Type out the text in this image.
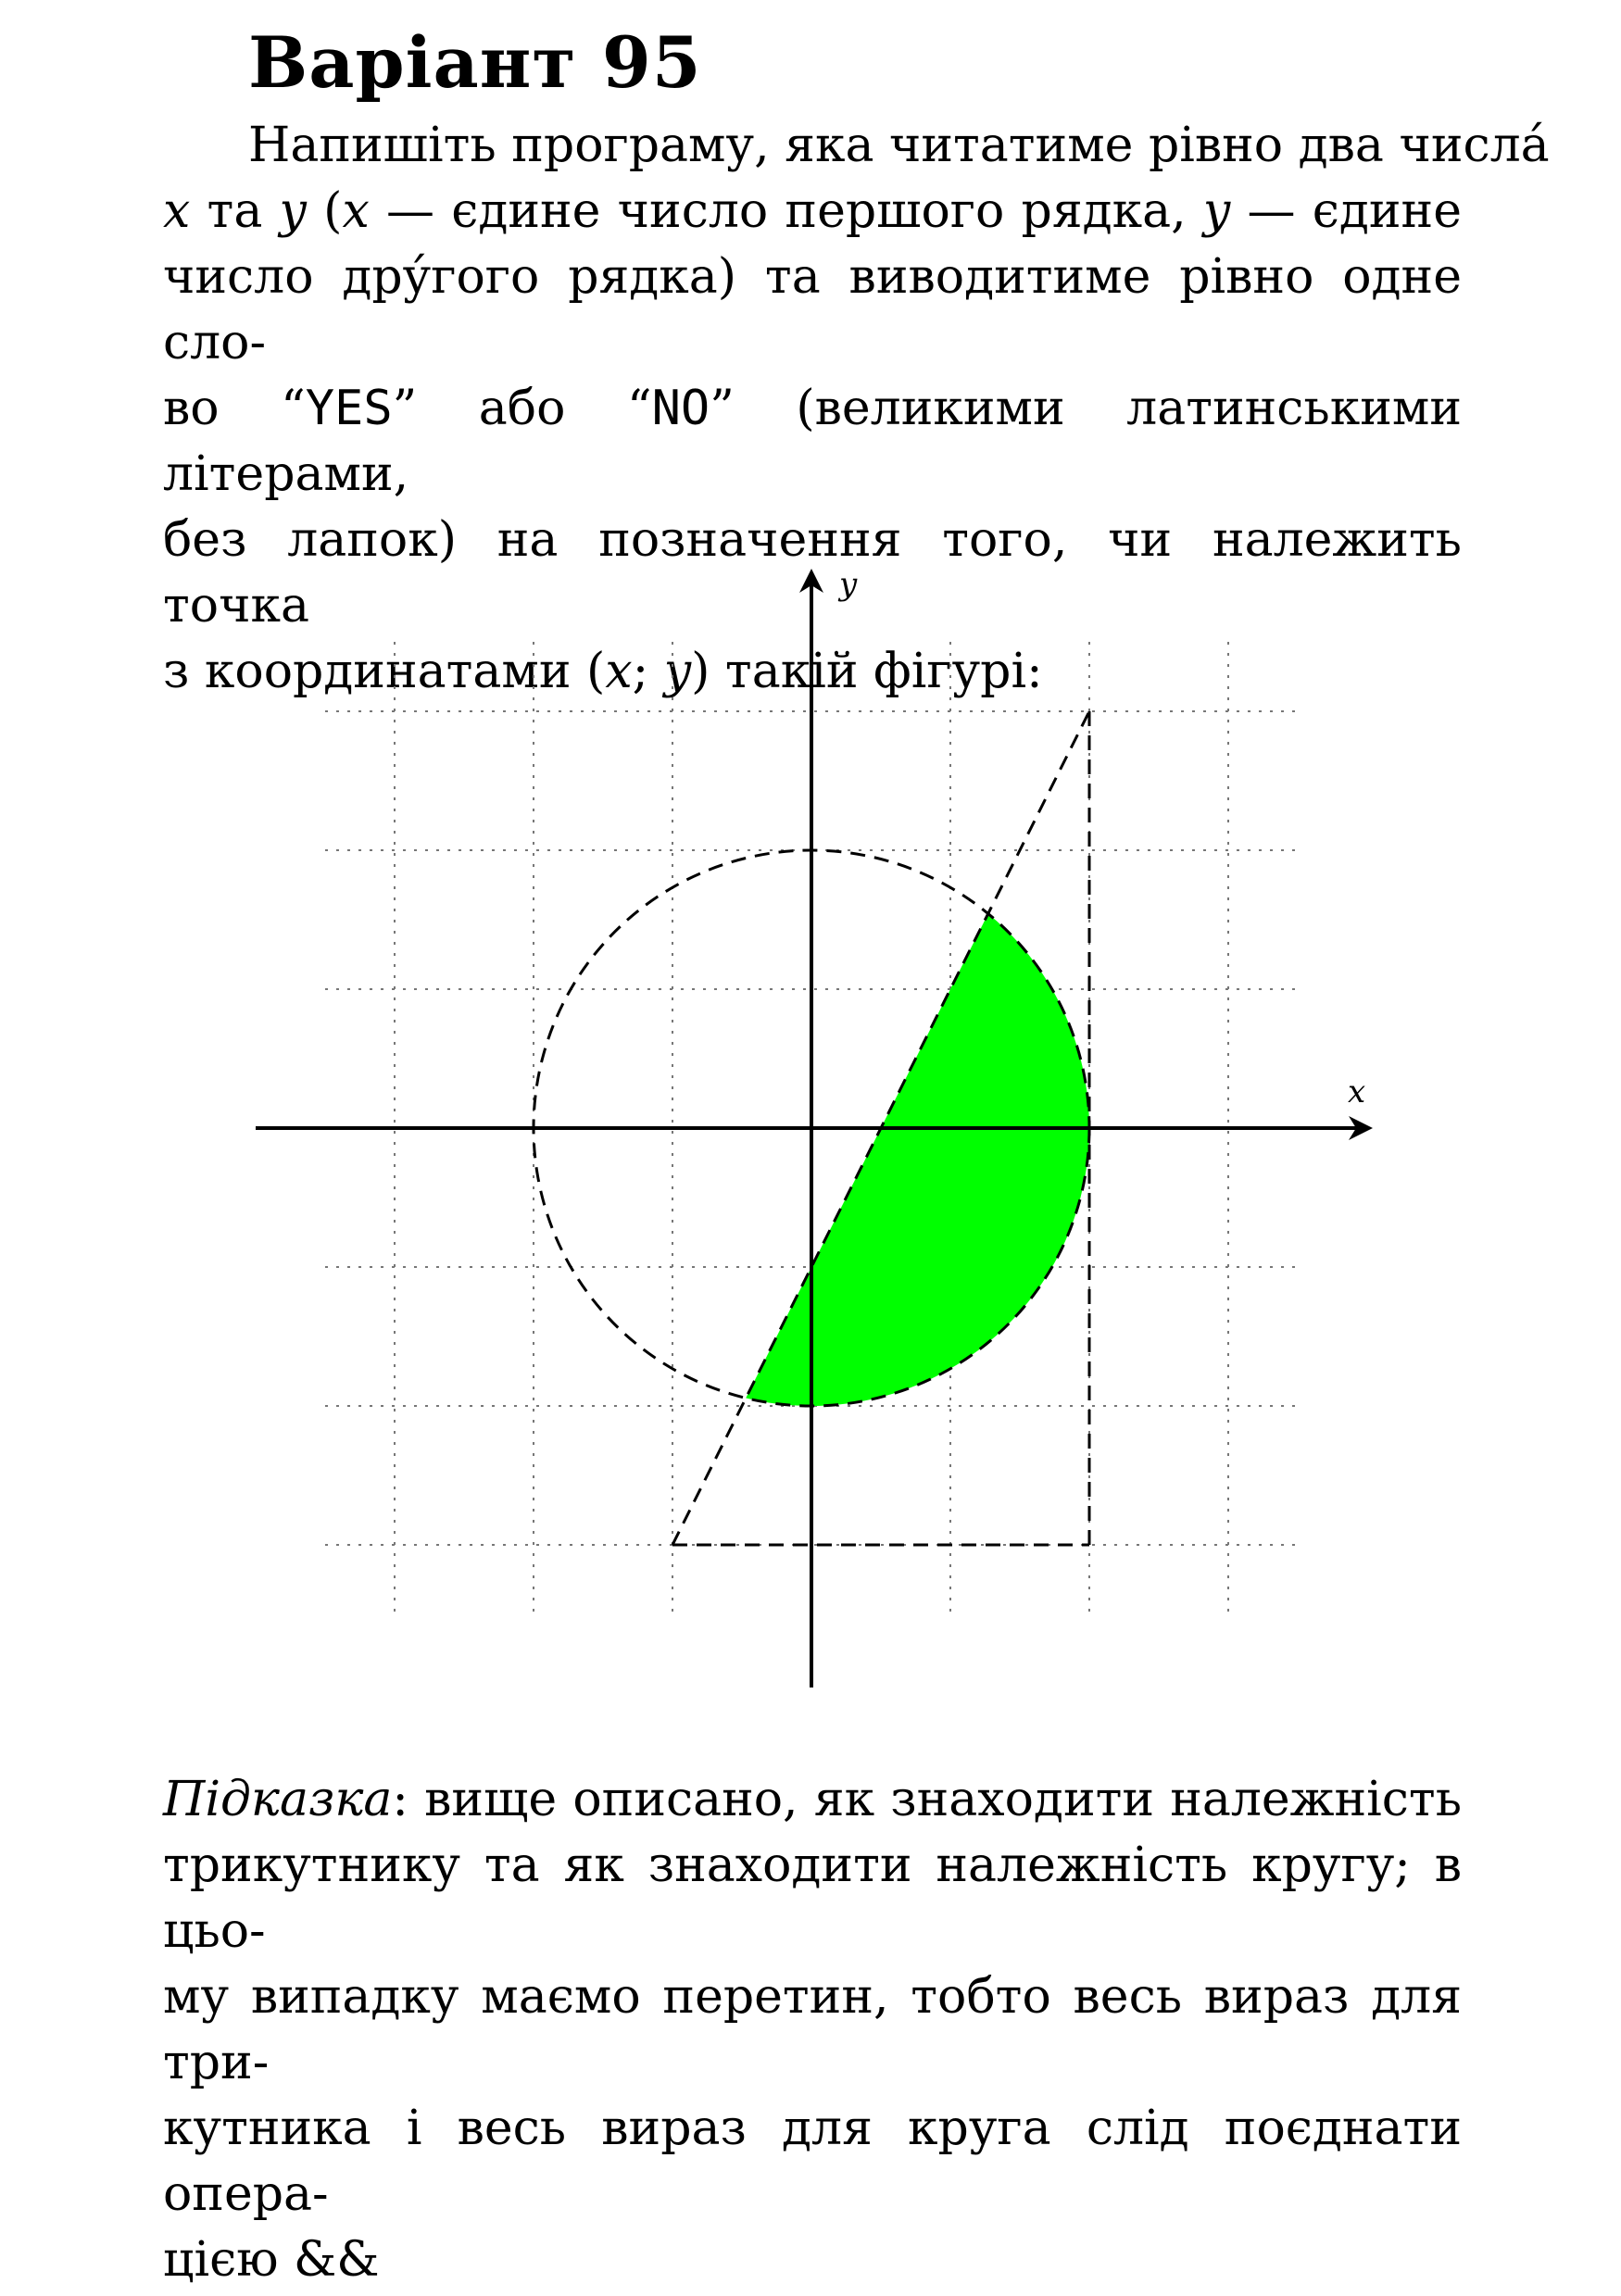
Варіант 95
Напишіть програму, яка читатиме рівно два числа́
x та y (x — єдине число першого рядка, y — єдине
число дру́гого рядка) та виводитиме рівно одне сло-
во “YES” або “NO” (великими латинськими літерами,
без лапок) на позначення того, чи належить точка
з координатами (x; y) такій фігурі:
x
y
Підказка: вище описано, як знаходити належність
трикутнику та як знаходити належність кругу; в цьо-
му випадку маємо перетин, тобто весь вираз для три-
кутника і весь вираз для круга слід поєднати опера-
цією &&
